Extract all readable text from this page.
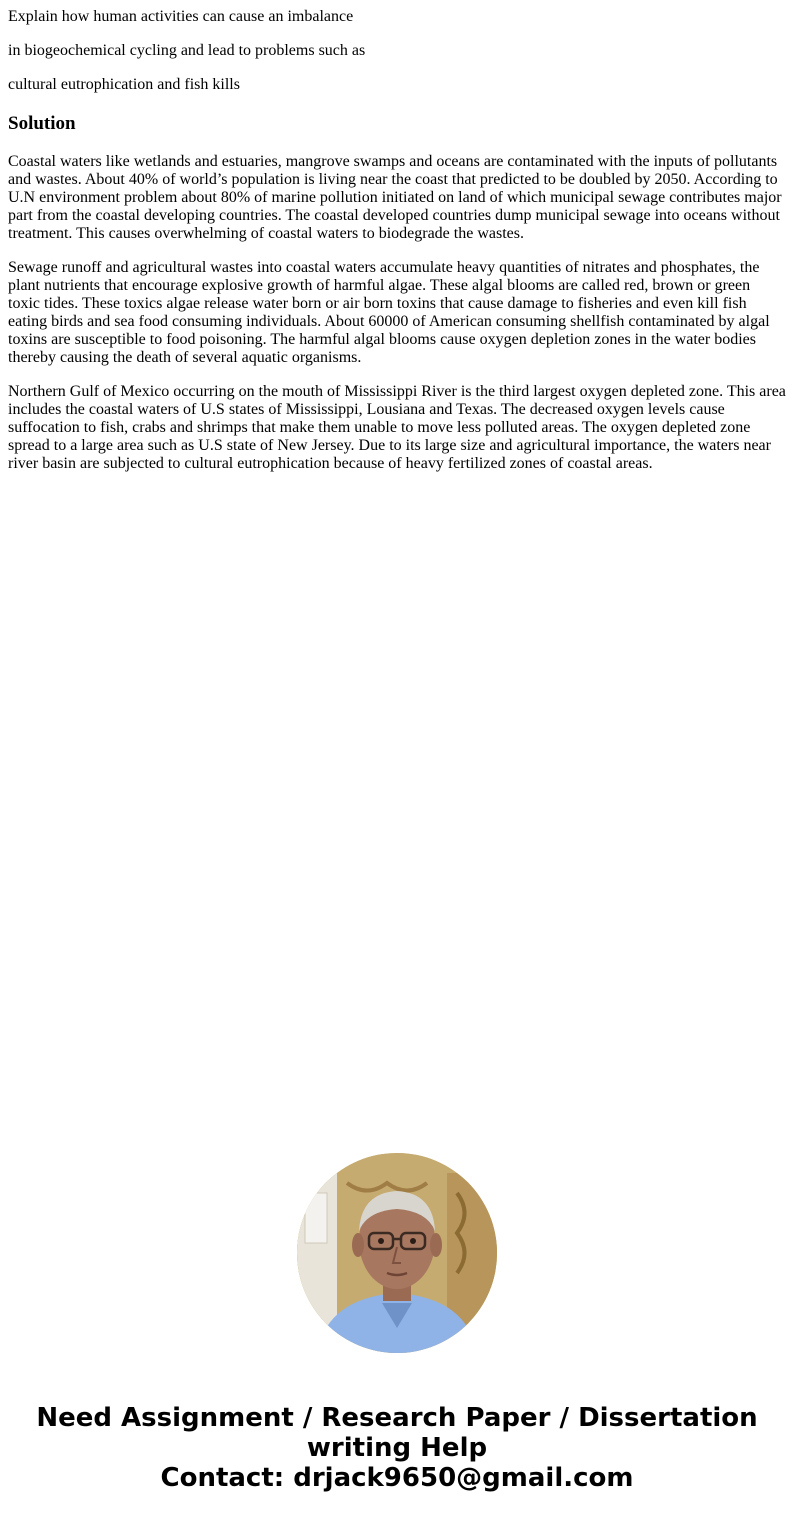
Explain how human activities can cause an imbalance

in biogeochemical cycling and lead to problems such as

cultural eutrophication and fish kills

Solution

Coastal waters like wetlands and estuaries, mangrove swamps and oceans are contaminated with the inputs of pollutants and wastes. About 40% of world’s population is living near the coast that predicted to be doubled by 2050. According to U.N environment problem about 80% of marine pollution initiated on land of which municipal sewage contributes major part from the coastal developing countries. The coastal developed countries dump municipal sewage into oceans without treatment. This causes overwhelming of coastal waters to biodegrade the wastes.

Sewage runoff and agricultural wastes into coastal waters accumulate heavy quantities of nitrates and phosphates, the plant nutrients that encourage explosive growth of harmful algae. These algal blooms are called red, brown or green toxic tides. These toxics algae release water born or air born toxins that cause damage to fisheries and even kill fish eating birds and sea food consuming individuals. About 60000 of American consuming shellfish contaminated by algal toxins are susceptible to food poisoning. The harmful algal blooms cause oxygen depletion zones in the water bodies thereby causing the death of several aquatic organisms.

Northern Gulf of Mexico occurring on the mouth of Mississippi River is the third largest oxygen depleted zone. This area includes the coastal waters of U.S states of Mississippi, Lousiana and Texas. The decreased oxygen levels cause suffocation to fish, crabs and shrimps that make them unable to move less polluted areas. The oxygen depleted zone spread to a large area such as U.S state of New Jersey. Due to its large size and agricultural importance, the waters near river basin are subjected to cultural eutrophication because of heavy fertilized zones of coastal areas.

Need Assignment / Research Paper / Dissertation
writing Help
Contact: drjack9650@gmail.com
